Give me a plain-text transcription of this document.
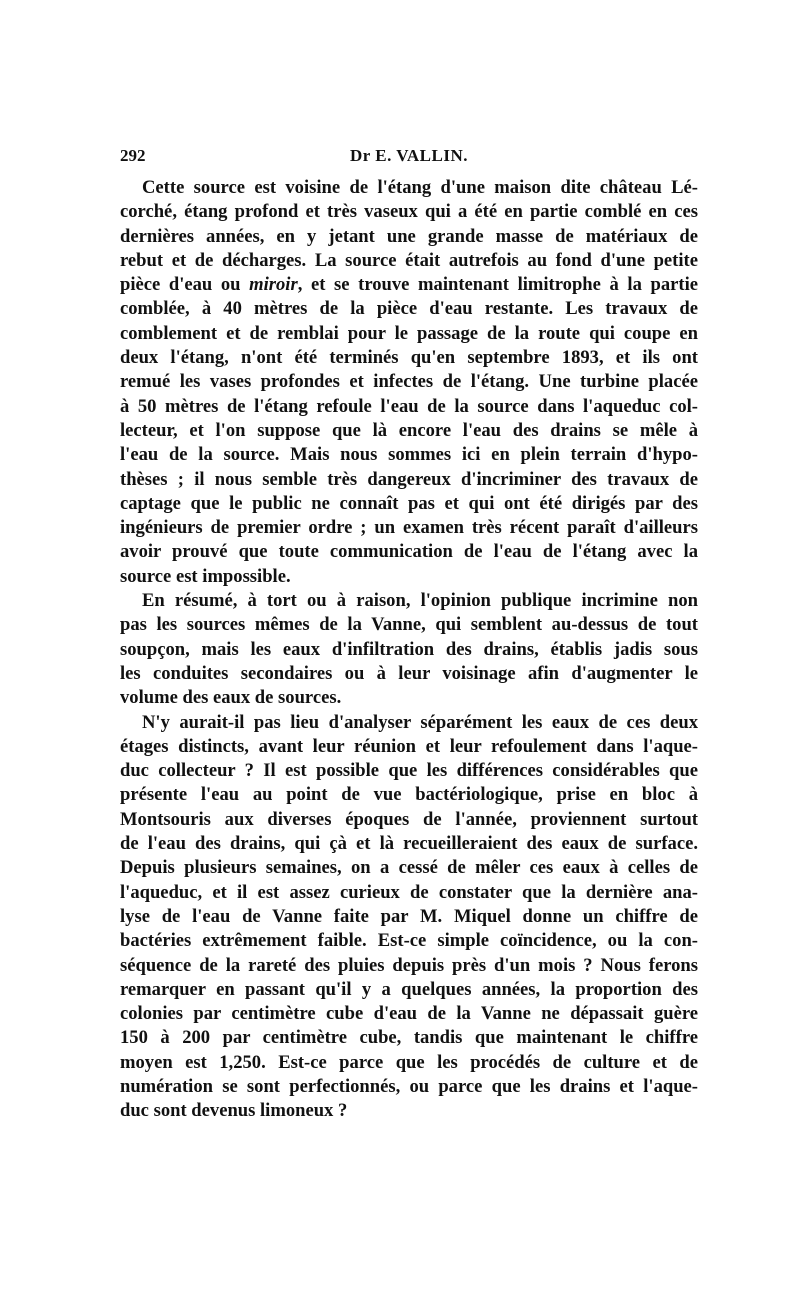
292	Dr E. VALLIN.
Cette source est voisine de l'étang d'une maison dite château Lé-
corché, étang profond et très vaseux qui a été en partie comblé en ces
dernières années, en y jetant une grande masse de matériaux de
rebut et de décharges. La source était autrefois au fond d'une petite
pièce d'eau ou miroir, et se trouve maintenant limitrophe à la partie
comblée, à 40 mètres de la pièce d'eau restante. Les travaux de
comblement et de remblai pour le passage de la route qui coupe en
deux l'étang, n'ont été terminés qu'en septembre 1893, et ils ont
remué les vases profondes et infectes de l'étang. Une turbine placée
à 50 mètres de l'étang refoule l'eau de la source dans l'aqueduc col-
lecteur, et l'on suppose que là encore l'eau des drains se mêle à
l'eau de la source. Mais nous sommes ici en plein terrain d'hypo-
thèses ; il nous semble très dangereux d'incriminer des travaux de
captage que le public ne connaît pas et qui ont été dirigés par des
ingénieurs de premier ordre ; un examen très récent paraît d'ailleurs
avoir prouvé que toute communication de l'eau de l'étang avec la
source est impossible.
En résumé, à tort ou à raison, l'opinion publique incrimine non
pas les sources mêmes de la Vanne, qui semblent au-dessus de tout
soupçon, mais les eaux d'infiltration des drains, établis jadis sous
les conduites secondaires ou à leur voisinage afin d'augmenter le
volume des eaux de sources.
N'y aurait-il pas lieu d'analyser séparément les eaux de ces deux
étages distincts, avant leur réunion et leur refoulement dans l'aque-
duc collecteur ? Il est possible que les différences considérables que
présente l'eau au point de vue bactériologique, prise en bloc à
Montsouris aux diverses époques de l'année, proviennent surtout
de l'eau des drains, qui çà et là recueilleraient des eaux de surface.
Depuis plusieurs semaines, on a cessé de mêler ces eaux à celles de
l'aqueduc, et il est assez curieux de constater que la dernière ana-
lyse de l'eau de Vanne faite par M. Miquel donne un chiffre de
bactéries extrêmement faible. Est-ce simple coïncidence, ou la con-
séquence de la rareté des pluies depuis près d'un mois ? Nous ferons
remarquer en passant qu'il y a quelques années, la proportion des
colonies par centimètre cube d'eau de la Vanne ne dépassait guère
150 à 200 par centimètre cube, tandis que maintenant le chiffre
moyen est 1,250. Est-ce parce que les procédés de culture et de
numération se sont perfectionnés, ou parce que les drains et l'aque-
duc sont devenus limoneux ?
